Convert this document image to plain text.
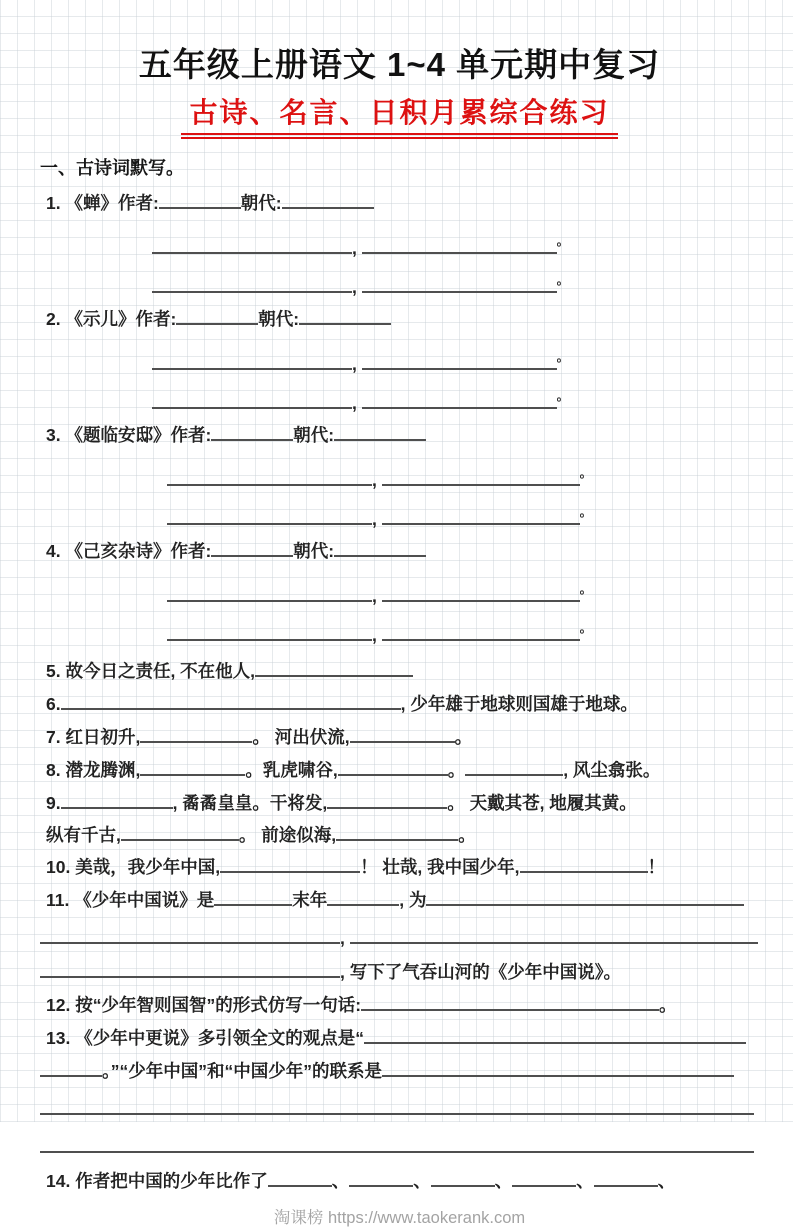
五年级上册语文 1~4 单元期中复习
古诗、名言、日积月累综合练习
一、古诗词默写。
1. 《蝉》作者:	朝代:
,	。
,	。
2. 《示儿》作者:	朝代:
,	。
,	。
3. 《题临安邸》作者:	朝代:
,	。
,	。
4. 《己亥杂诗》作者:	朝代:
,	。
,	。
5. 故今日之责任, 不在他人,
6.	, 少年雄于地球则国雄于地球。
7. 红日初升,	。 河出伏流,	。
8. 潜龙腾渊,	。乳虎啸谷,	。	, 风尘翕张。
9.	, 矞矞皇皇。干将发,	。 天戴其苍, 地履其黄。
纵有千古,	。 前途似海,	。
10. 美哉，我少年中国,	！ 壮哉, 我中国少年,	！
11. 《少年中国说》是	末年	, 为
,
, 写下了气吞山河的《少年中国说》。
12. 按“少年智则国智”的形式仿写一句话:	。
13. 《少年中更说》多引领全文的观点是“
。”“少年中国”和“中国少年”的联系是
14. 作者把中国的少年比作了	、	、	、	、	、
淘课榜 https://www.taokerank.com
